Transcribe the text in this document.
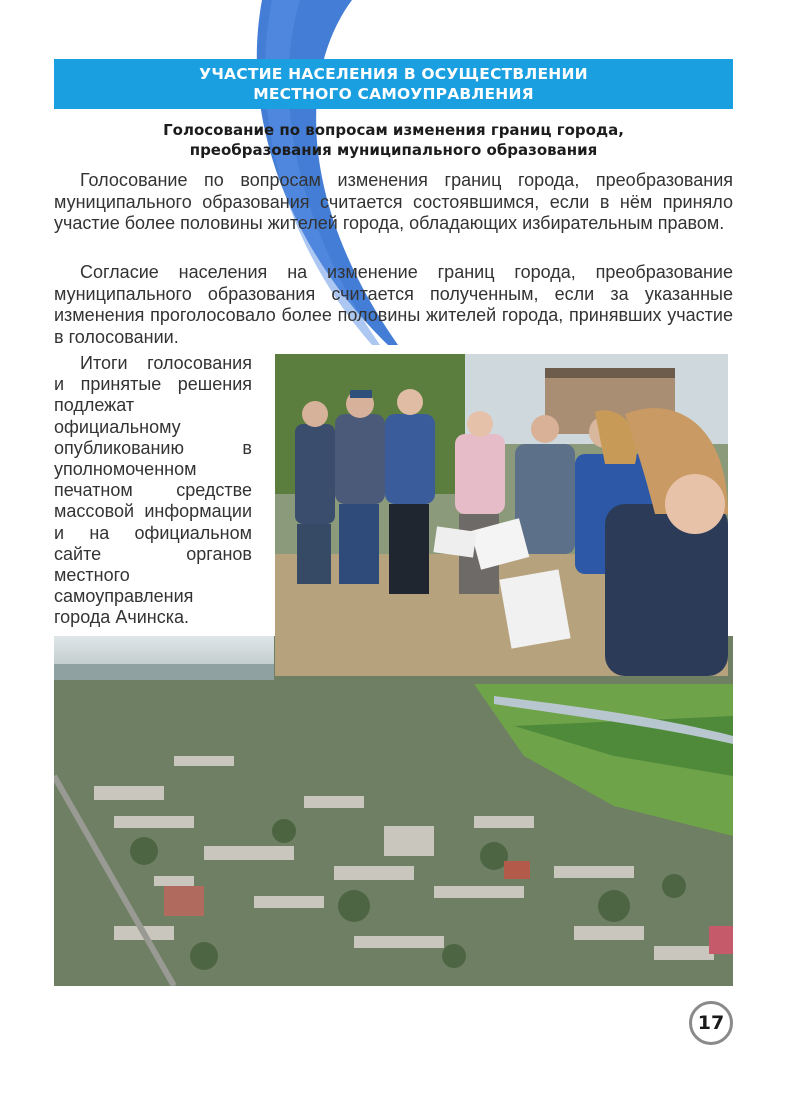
УЧАСТИЕ НАСЕЛЕНИЯ В ОСУЩЕСТВЛЕНИИ
МЕСТНОГО САМОУПРАВЛЕНИЯ
Голосование по вопросам изменения границ города,
преобразования муниципального образования

Голосование по вопросам изменения границ города, преобразования муниципального образования считается состоявшимся, если в нём приняло участие более половины жителей города, обладающих избирательным правом.

Согласие населения на изменение границ города, преобразование муниципального образования считается полученным, если за указанные изменения проголосовало более половины жителей города, принявших участие в голосовании.

Итоги голосования и принятые решения подлежат официальному опубликованию в уполномоченном печатном средстве массовой информации и на официальном сайте органов местного самоуправления города Ачинска.

17
